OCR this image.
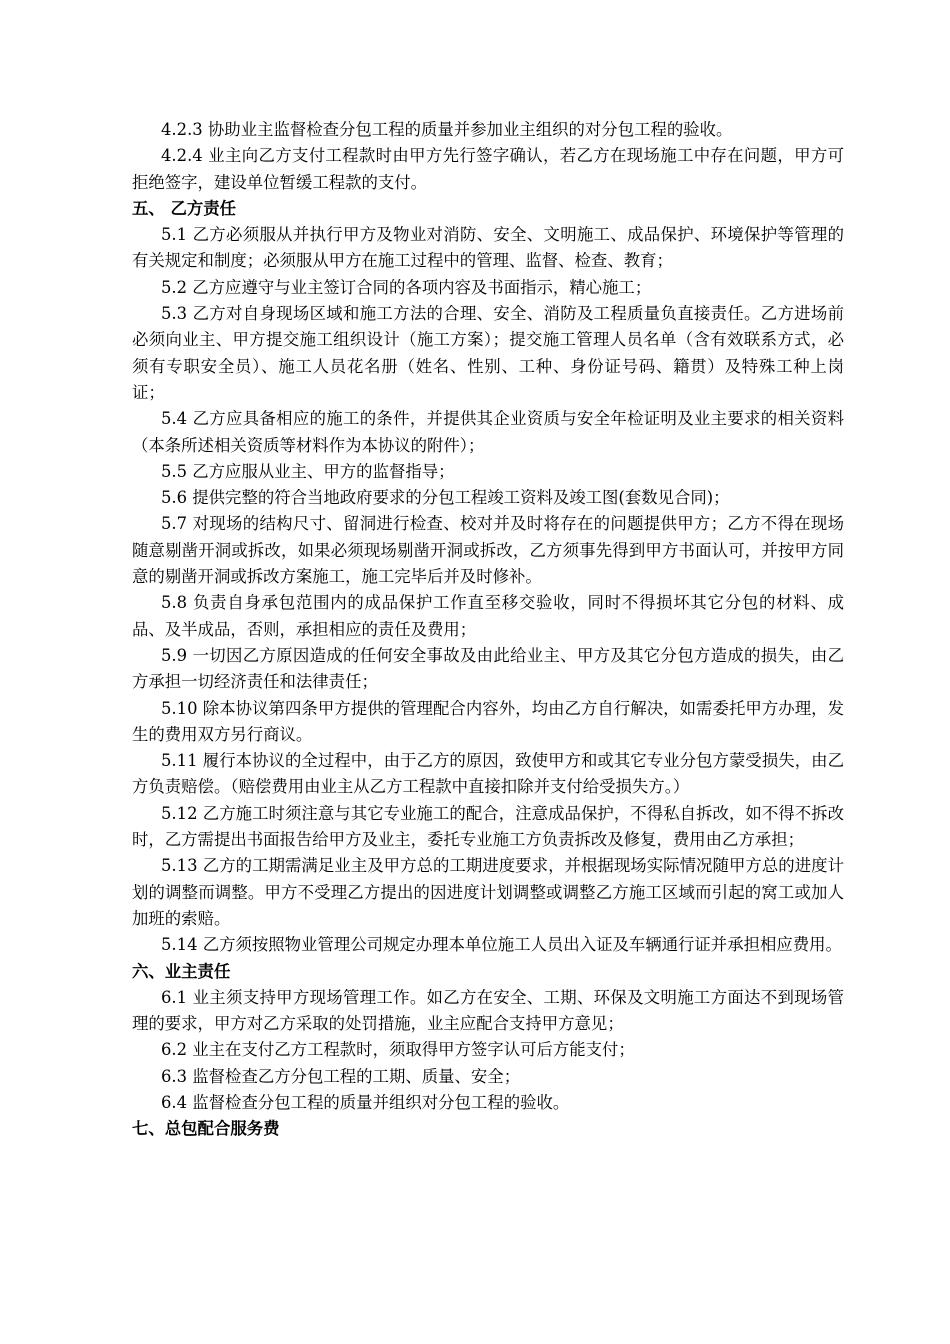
4.2.3 协助业主监督检查分包工程的质量并参加业主组织的对分包工程的验收。

4.2.4 业主向乙方支付工程款时由甲方先行签字确认，若乙方在现场施工中存在问题，甲方可拒绝签字，建设单位暂缓工程款的支付。

五、 乙方责任

5.1 乙方必须服从并执行甲方及物业对消防、安全、文明施工、成品保护、环境保护等管理的有关规定和制度；必须服从甲方在施工过程中的管理、监督、检查、教育；

5.2 乙方应遵守与业主签订合同的各项内容及书面指示，精心施工；

5.3 乙方对自身现场区域和施工方法的合理、安全、消防及工程质量负直接责任。乙方进场前必须向业主、甲方提交施工组织设计（施工方案）；提交施工管理人员名单（含有效联系方式，必须有专职安全员）、施工人员花名册（姓名、性别、工种、身份证号码、籍贯）及特殊工种上岗证；

5.4 乙方应具备相应的施工的条件，并提供其企业资质与安全年检证明及业主要求的相关资料（本条所述相关资质等材料作为本协议的附件）；

5.5 乙方应服从业主、甲方的监督指导；

5.6 提供完整的符合当地政府要求的分包工程竣工资料及竣工图(套数见合同)；

5.7 对现场的结构尺寸、留洞进行检查、校对并及时将存在的问题提供甲方；乙方不得在现场随意剔凿开洞或拆改，如果必须现场剔凿开洞或拆改，乙方须事先得到甲方书面认可，并按甲方同意的剔凿开洞或拆改方案施工，施工完毕后并及时修补。

5.8 负责自身承包范围内的成品保护工作直至移交验收，同时不得损坏其它分包的材料、成品、及半成品，否则，承担相应的责任及费用；

5.9 一切因乙方原因造成的任何安全事故及由此给业主、甲方及其它分包方造成的损失，由乙方承担一切经济责任和法律责任；

5.10 除本协议第四条甲方提供的管理配合内容外，均由乙方自行解决，如需委托甲方办理，发生的费用双方另行商议。

5.11 履行本协议的全过程中，由于乙方的原因，致使甲方和或其它专业分包方蒙受损失，由乙方负责赔偿。（赔偿费用由业主从乙方工程款中直接扣除并支付给受损失方。）

5.12 乙方施工时须注意与其它专业施工的配合，注意成品保护，不得私自拆改，如不得不拆改时，乙方需提出书面报告给甲方及业主，委托专业施工方负责拆改及修复，费用由乙方承担；

5.13 乙方的工期需满足业主及甲方总的工期进度要求，并根据现场实际情况随甲方总的进度计划的调整而调整。甲方不受理乙方提出的因进度计划调整或调整乙方施工区域而引起的窝工或加人加班的索赔。

5.14 乙方须按照物业管理公司规定办理本单位施工人员出入证及车辆通行证并承担相应费用。

六、业主责任

6.1 业主须支持甲方现场管理工作。如乙方在安全、工期、环保及文明施工方面达不到现场管理的要求，甲方对乙方采取的处罚措施，业主应配合支持甲方意见；

6.2 业主在支付乙方工程款时，须取得甲方签字认可后方能支付；

6.3 监督检查乙方分包工程的工期、质量、安全；

6.4 监督检查分包工程的质量并组织对分包工程的验收。

七、总包配合服务费
